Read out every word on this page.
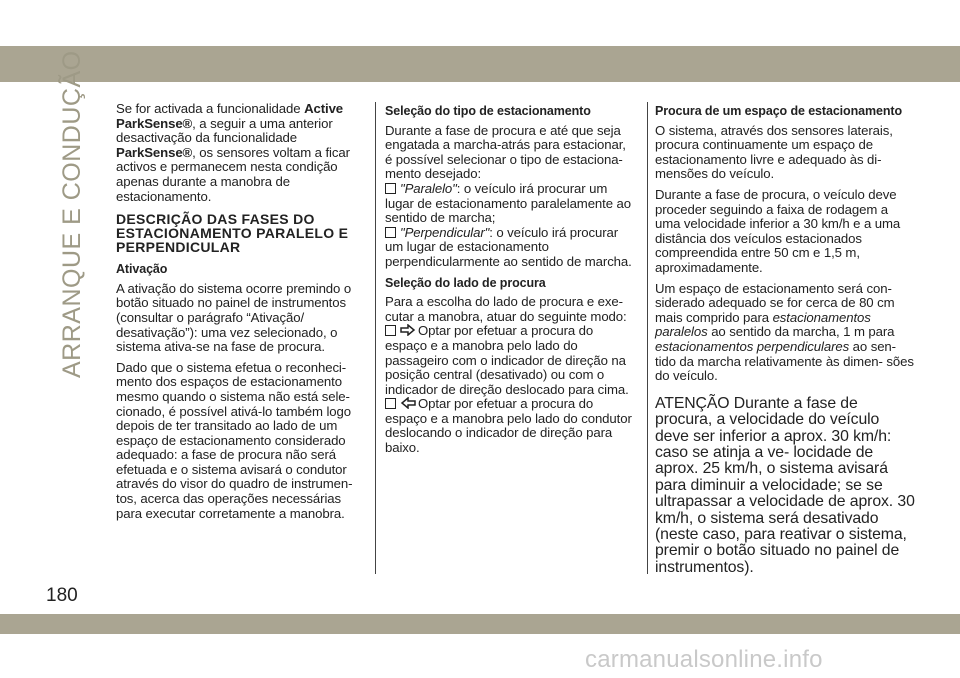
ARRANQUE E CONDUÇÃO Se for activada a funcionalidade Active ParkSense®, a seguir a uma anterior desactivação da funcionalidade ParkSense®, os sensores voltam a ficar activos e permanecem nesta condição apenas durante a manobra de estacionamento.

DESCRIÇÃO DAS FASES DO ESTACIONAMENTO PARALELO E PERPENDICULAR
Ativação

A ativação do sistema ocorre premindo o botão situado no painel de instrumentos (consultar o parágrafo “Ativação/ desativação”): uma vez selecionado, o sistema ativa-se na fase de procura.

Dado que o sistema efetua o reconheci- mento dos espaços de estacionamento mesmo quando o sistema não está sele- cionado, é possível ativá-lo também logo depois de ter transitado ao lado de um espaço de estacionamento considerado adequado: a fase de procura não será efetuada e o sistema avisará o condutor através do visor do quadro de instrumen- tos, acerca das operações necessárias para executar corretamente a manobra.

Seleção do tipo de estacionamento

Durante a fase de procura e até que seja engatada a marcha-atrás para estacionar, é possível selecionar o tipo de estaciona- mento desejado:

"Paralelo": o veículo irá procurar um lugar de estacionamento paralelamente ao sentido de marcha;
"Perpendicular": o veículo irá procurar um lugar de estacionamento perpendicularmente ao sentido de marcha.
Seleção do lado de procura

Para a escolha do lado de procura e exe- cutar a manobra, atuar do seguinte modo:

Optar por efetuar a procura do espaço e a manobra pelo lado do passageiro com o indicador de direção na posição central (desativado) ou com o indicador de direção deslocado para cima.
Optar por efetuar a procura do espaço e a manobra pelo lado do condutor deslocando o indicador de direção para baixo.
Procura de um espaço de estacionamento

O sistema, através dos sensores laterais, procura continuamente um espaço de estacionamento livre e adequado às di- mensões do veículo.

Durante a fase de procura, o veículo deve proceder seguindo a faixa de rodagem a uma velocidade inferior a 30 km/h e a uma distância dos veículos estacionados compreendida entre 50 cm e 1,5 m, aproximadamente.

Um espaço de estacionamento será con- siderado adequado se for cerca de 80 cm mais comprido para estacionamentos paralelos ao sentido da marcha, 1 m para estacionamentos perpendiculares ao sen- tido da marcha relativamente às dimen- sões do veículo.

ATENÇÃO Durante a fase de procura, a velocidade do veículo deve ser inferior a aprox. 30 km/h: caso se atinja a ve- locidade de aprox. 25 km/h, o sistema avisará para diminuir a velocidade; se se ultrapassar a velocidade de aprox. 30 km/h, o sistema será desativado (neste caso, para reativar o sistema, premir o botão situado no painel de instrumentos).
180
carmanualsonline.info
